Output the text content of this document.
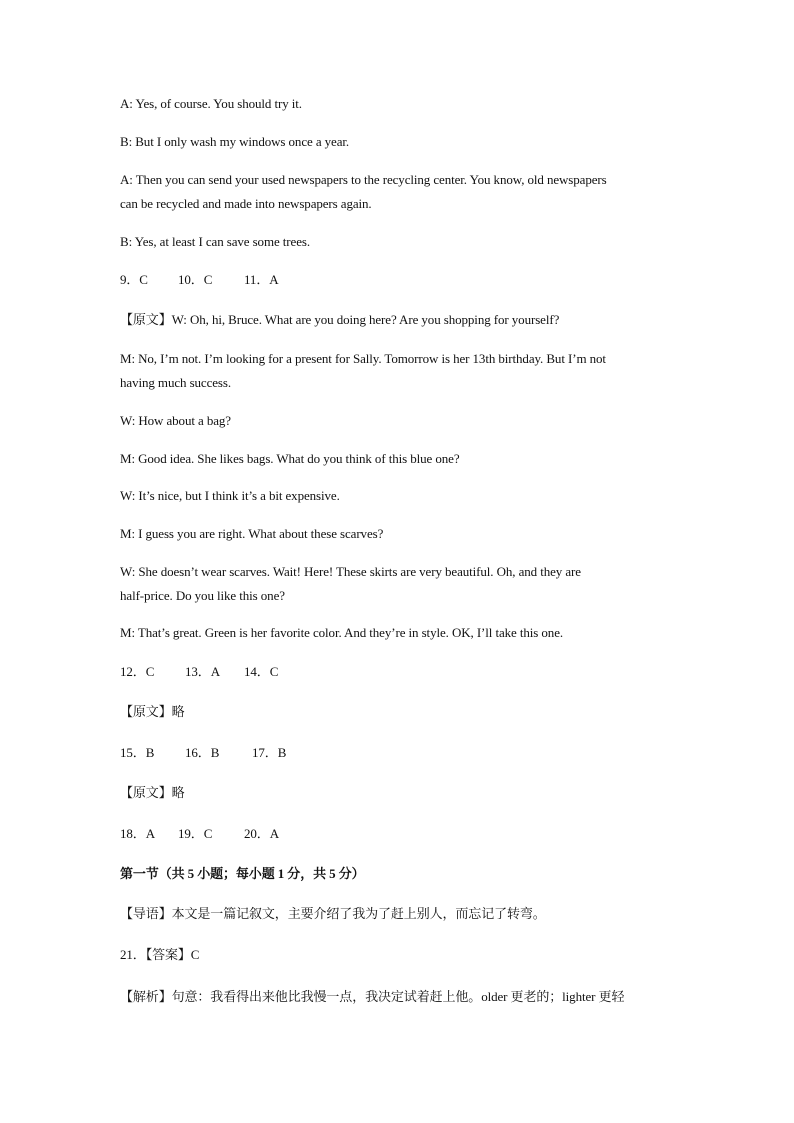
A: Yes, of course. You should try it.
B: But I only wash my windows once a year.
A: Then you can send your used newspapers to the recycling center. You know, old newspapers
can be recycled and made into newspapers again.
B: Yes, at least I can save some trees.
9．C 10．C 11．A
【原文】W: Oh, hi, Bruce. What are you doing here? Are you shopping for yourself?
M: No, I’m not. I’m looking for a present for Sally. Tomorrow is her 13th birthday. But I’m not
having much success.
W: How about a bag?
M: Good idea. She likes bags. What do you think of this blue one?
W: It’s nice, but I think it’s a bit expensive.
M: I guess you are right. What about these scarves?
W: She doesn’t wear scarves. Wait! Here! These skirts are very beautiful. Oh, and they are
half-price. Do you like this one?
M: That’s great. Green is her favorite color. And they’re in style. OK, I’ll take this one.
12．C 13．A 14．C
【原文】略
15．B 16．B	17．B
【原文】略
18．A 19．C 20．A
第一节（共 5 小题；每小题 1 分，共 5 分）
【导语】本文是一篇记叙文，主要介绍了我为了赶上别人，而忘记了转弯。
21．【答案】C
【解析】句意：我看得出来他比我慢一点，我决定试着赶上他。older 更老的；lighter 更轻
